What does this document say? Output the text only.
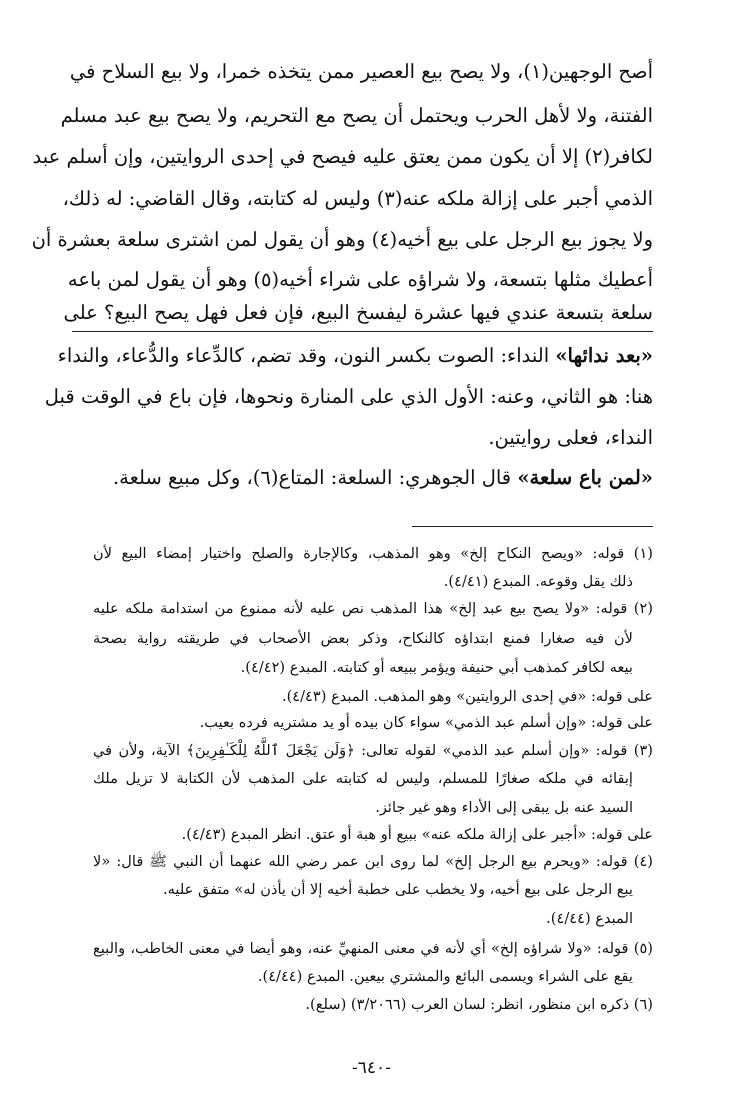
أصح الوجهين(١)، ولا يصح بيع العصير ممن يتخذه خمرا، ولا بيع السلاح في

الفتنة، ولا لأهل الحرب ويحتمل أن يصح مع التحريم، ولا يصح بيع عبد مسلم

لكافر(٢) إلا أن يكون ممن يعتق عليه فيصح في إحدى الروايتين، وإن أسلم عبد

الذمي أجبر على إزالة ملكه عنه(٣) وليس له كتابته، وقال القاضي: له ذلك،

ولا يجوز بيع الرجل على بيع أخيه(٤) وهو أن يقول لمن اشترى سلعة بعشرة أن

أعطيك مثلها بتسعة، ولا شراؤه على شراء أخيه(٥) وهو أن يقول لمن باعه

سلعة بتسعة عندي فيها عشرة ليفسخ البيع، فإن فعل فهل يصح البيع؟ على

«بعد ندائها» النداء: الصوت بكسر النون، وقد تضم، كالدِّعاء والدُّعاء، والنداء

هنا: هو الثاني، وعنه: الأول الذي على المنارة ونحوها، فإن باع في الوقت قبل

النداء، فعلى روايتين.

«لمن باع سلعة» قال الجوهري: السلعة: المتاع(٦)، وكل مبيع سلعة.

(١) قوله: «ويصح النكاح إلخ» وهو المذهب، وكالإجارة والصلح واختيار إمضاء البيع لأن

ذلك يقل وقوعه. المبدع (٤/٤١).

(٢) قوله: «ولا يصح بيع عبد إلخ» هذا المذهب نص عليه لأنه ممنوع من استدامة ملكه عليه

لأن فيه صغارا فمنع ابتداؤه كالنكاح، وذكر بعض الأصحاب في طريقته رواية بصحة

بيعه لكافر كمذهب أبي حنيفة ويؤمر ببيعه أو كتابته. المبدع (٤/٤٢).

على قوله: «في إحدى الروايتين» وهو المذهب. المبدع (٤/٤٣).

على قوله: «وإن أسلم عبد الذمي» سواء كان بيده أو يد مشتريه فرده بعيب.

(٣) قوله: «وإن أسلم عبد الذمي» لقوله تعالى: ﴿وَلَن يَجْعَلَ ٱللَّهُ لِلْكَـٰفِرِينَ﴾ الآية، ولأن في

إبقائه في ملكه صغارًا للمسلم، وليس له كتابته على المذهب لأن الكتابة لا تزيل ملك

السيد عنه بل يبقى إلى الأداء وهو غير جائز.

على قوله: «أجبر على إزالة ملكه عنه» ببيع أو هبة أو عتق. انظر المبدع (٤/٤٣).

(٤) قوله: «ويحرم بيع الرجل إلخ» لما روى ابن عمر رضي الله عنهما أن النبي ﷺ قال: «لا

يبع الرجل على بيع أخيه، ولا يخطب على خطبة أخيه إلا أن يأذن له» متفق عليه.

المبدع (٤/٤٤).

(٥) قوله: «ولا شراؤه إلخ» أي لأنه في معنى المنهيِّ عنه، وهو أيضا في معنى الخاطب، والبيع

يقع على الشراء ويسمى البائع والمشتري بيعين. المبدع (٤/٤٤).

(٦) ذكره ابن منظور، انظر: لسان العرب (٣/٢٠٦٦) (سلع).

-٦٤٠-
